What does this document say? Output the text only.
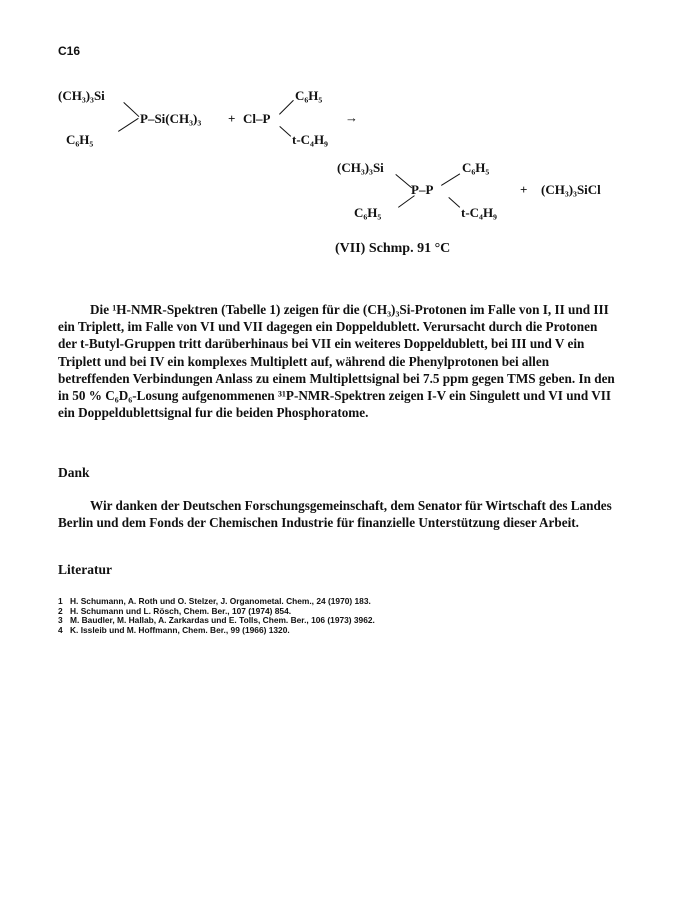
C16
(CH₃)₃Si
C₆H₅
P–Si(CH₃)₃ + Cl–P
C₆H₅
t-C₄H₉
→
(CH₃)₃Si	C₆H₅
P–P
C₆H₅	t-C₄H₉
+ (CH₃)₃SiCl
(VII) Schmp. 91 °C

Die ¹H-NMR-Spektren (Tabelle 1) zeigen für die (CH₃)₃Si-Protonen im Falle von I, II und III ein Triplett, im Falle von VI und VII dagegen ein Doppeldublett. Verursacht durch die Protonen der t-Butyl-Gruppen tritt darüberhinaus bei VII ein weiteres Doppeldublett, bei III und V ein Triplett und bei IV ein komplexes Multiplett auf, während die Phenylprotonen bei allen betreffenden Verbindungen Anlass zu einem Multiplettsignal bei 7.5 ppm gegen TMS geben. In den in 50 % C₆D₆-Losung aufgenommenen ³¹P-NMR-Spektren zeigen I-V ein Singulett und VI und VII ein Doppeldublettsignal fur die beiden Phosphoratome.

Dank

Wir danken der Deutschen Forschungsgemeinschaft, dem Senator für Wirtschaft des Landes Berlin und dem Fonds der Chemischen Industrie für finanzielle Unterstützung dieser Arbeit.

Literatur
1 H. Schumann, A. Roth und O. Stelzer, J. Organometal. Chem., 24 (1970) 183.
2 H. Schumann und L. Rösch, Chem. Ber., 107 (1974) 854.
3 M. Baudler, M. Hallab, A. Zarkardas und E. Tolls, Chem. Ber., 106 (1973) 3962.
4 K. Issleib und M. Hoffmann, Chem. Ber., 99 (1966) 1320.
